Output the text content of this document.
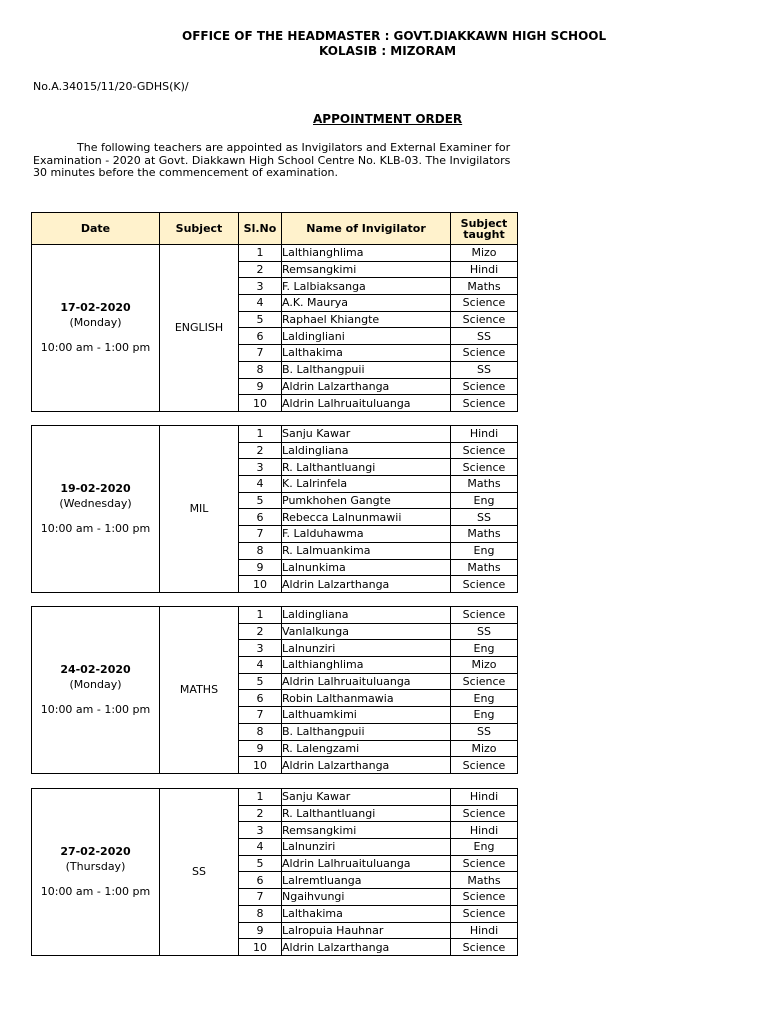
OFFICE OF THE HEADMASTER : GOVT.DIAKKAWN HIGH SCHOOL
KOLASIB : MIZORAM
No.A.34015/11/20-GDHS(K)/
APPOINTMENT ORDER
The following teachers are appointed as Invigilators and External Examiner for
Examination - 2020 at Govt. Diakkawn High School Centre No. KLB-03. The Invigilators
30 minutes before the commencement of examination.
Date	Subject	Sl.No	Name of Invigilator	Subject
taught

17-02-2020
(Monday)
10:00 am - 1:00 pm	ENGLISH	1	Lalthianghlima	Mizo
		2	Remsangkimi	Hindi
		3	F. Lalbiaksanga	Maths
		4	A.K. Maurya	Science
		5	Raphael Khiangte	Science
		6	Laldingliani	SS
		7	Lalthakima	Science
		8	B. Lalthangpuii	SS
		9	Aldrin Lalzarthanga	Science
		10	Aldrin Lalhruaituluanga	Science
19-02-2020
(Wednesday)
10:00 am - 1:00 pm	MIL	1	Sanju Kawar	Hindi
		2	Laldingliana	Science
		3	R. Lalthantluangi	Science
		4	K. Lalrinfela	Maths
		5	Pumkhohen Gangte	Eng
		6	Rebecca Lalnunmawii	SS
		7	F. Lalduhawma	Maths
		8	R. Lalmuankima	Eng
		9	Lalnunkima	Maths
		10	Aldrin Lalzarthanga	Science
24-02-2020
(Monday)
10:00 am - 1:00 pm	MATHS	1	Laldingliana	Science
		2	Vanlalkunga	SS
		3	Lalnunziri	Eng
		4	Lalthianghlima	Mizo
		5	Aldrin Lalhruaituluanga	Science
		6	Robin Lalthanmawia	Eng
		7	Lalthuamkimi	Eng
		8	B. Lalthangpuii	SS
		9	R. Lalengzami	Mizo
		10	Aldrin Lalzarthanga	Science
27-02-2020
(Thursday)
10:00 am - 1:00 pm	SS	1	Sanju Kawar	Hindi
		2	R. Lalthantluangi	Science
		3	Remsangkimi	Hindi
		4	Lalnunziri	Eng
		5	Aldrin Lalhruaituluanga	Science
		6	Lalremtluanga	Maths
		7	Ngaihvungi	Science
		8	Lalthakima	Science
		9	Lalropuia Hauhnar	Hindi
		10	Aldrin Lalzarthanga	Science
